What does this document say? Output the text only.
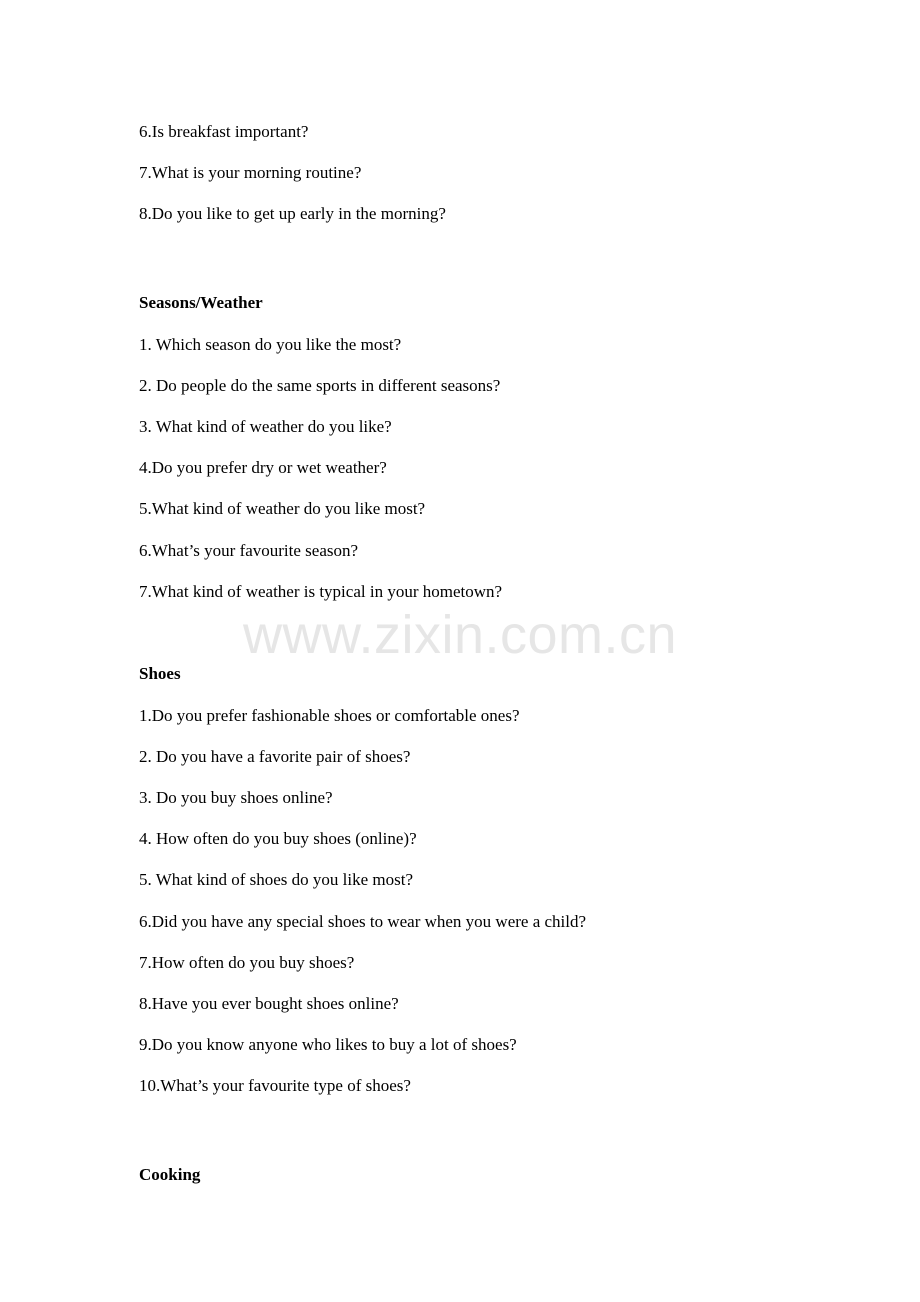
6.Is breakfast important?
7.What is your morning routine?
8.Do you like to get up early in the morning?
Seasons/Weather
1. Which season do you like the most?
2. Do people do the same sports in different seasons?
3. What kind of weather do you like?
4.Do you prefer dry or wet weather?
5.What kind of weather do you like most?
6.What’s your favourite season?
7.What kind of weather is typical in your hometown?
www.zixin.com.cn
Shoes
1.Do you prefer fashionable shoes or comfortable ones?
2. Do you have a favorite pair of shoes?
3. Do you buy shoes online?
4. How often do you buy shoes (online)?
5. What kind of shoes do you like most?
6.Did you have any special shoes to wear when you were a child?
7.How often do you buy shoes?
8.Have you ever bought shoes online?
9.Do you know anyone who likes to buy a lot of shoes?
10.What’s your favourite type of shoes?
Cooking
